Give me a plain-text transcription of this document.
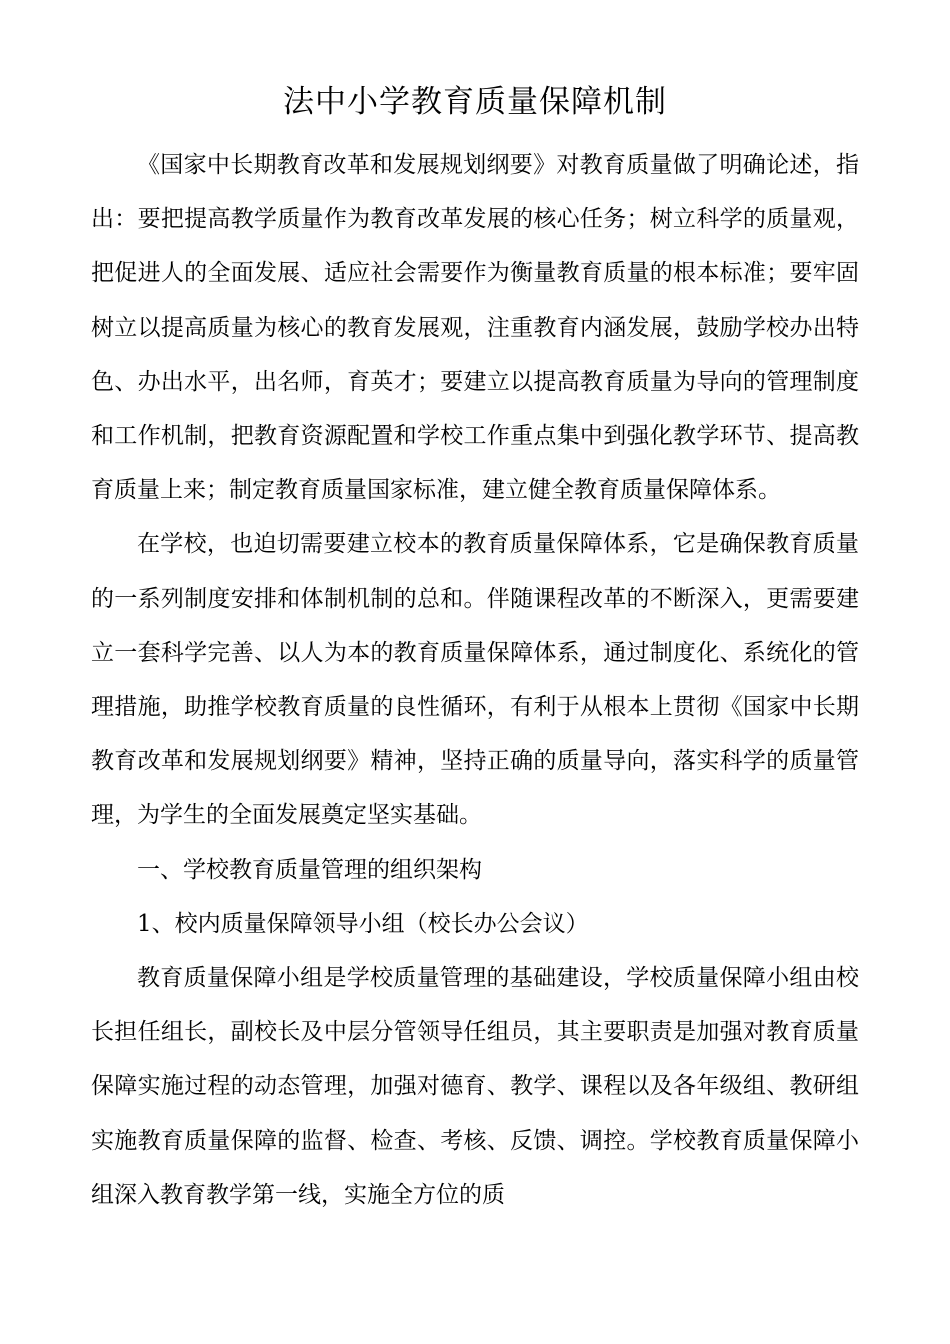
法中小学教育质量保障机制

《国家中长期教育改革和发展规划纲要》对教育质量做了明确论述，指出：要把提高教学质量作为教育改革发展的核心任务；树立科学的质量观，把促进人的全面发展、适应社会需要作为衡量教育质量的根本标准；要牢固树立以提高质量为核心的教育发展观，注重教育内涵发展，鼓励学校办出特色、办出水平，出名师，育英才；要建立以提高教育质量为导向的管理制度和工作机制，把教育资源配置和学校工作重点集中到强化教学环节、提高教育质量上来；制定教育质量国家标准，建立健全教育质量保障体系。

在学校，也迫切需要建立校本的教育质量保障体系，它是确保教育质量的一系列制度安排和体制机制的总和。伴随课程改革的不断深入，更需要建立一套科学完善、以人为本的教育质量保障体系，通过制度化、系统化的管理措施，助推学校教育质量的良性循环，有利于从根本上贯彻《国家中长期教育改革和发展规划纲要》精神，坚持正确的质量导向，落实科学的质量管理，为学生的全面发展奠定坚实基础。

一、学校教育质量管理的组织架构

1、校内质量保障领导小组（校长办公会议）

教育质量保障小组是学校质量管理的基础建设，学校质量保障小组由校长担任组长，副校长及中层分管领导任组员，其主要职责是加强对教育质量保障实施过程的动态管理，加强对德育、教学、课程以及各年级组、教研组实施教育质量保障的监督、检查、考核、反馈、调控。学校教育质量保障小组深入教育教学第一线，实施全方位的质
